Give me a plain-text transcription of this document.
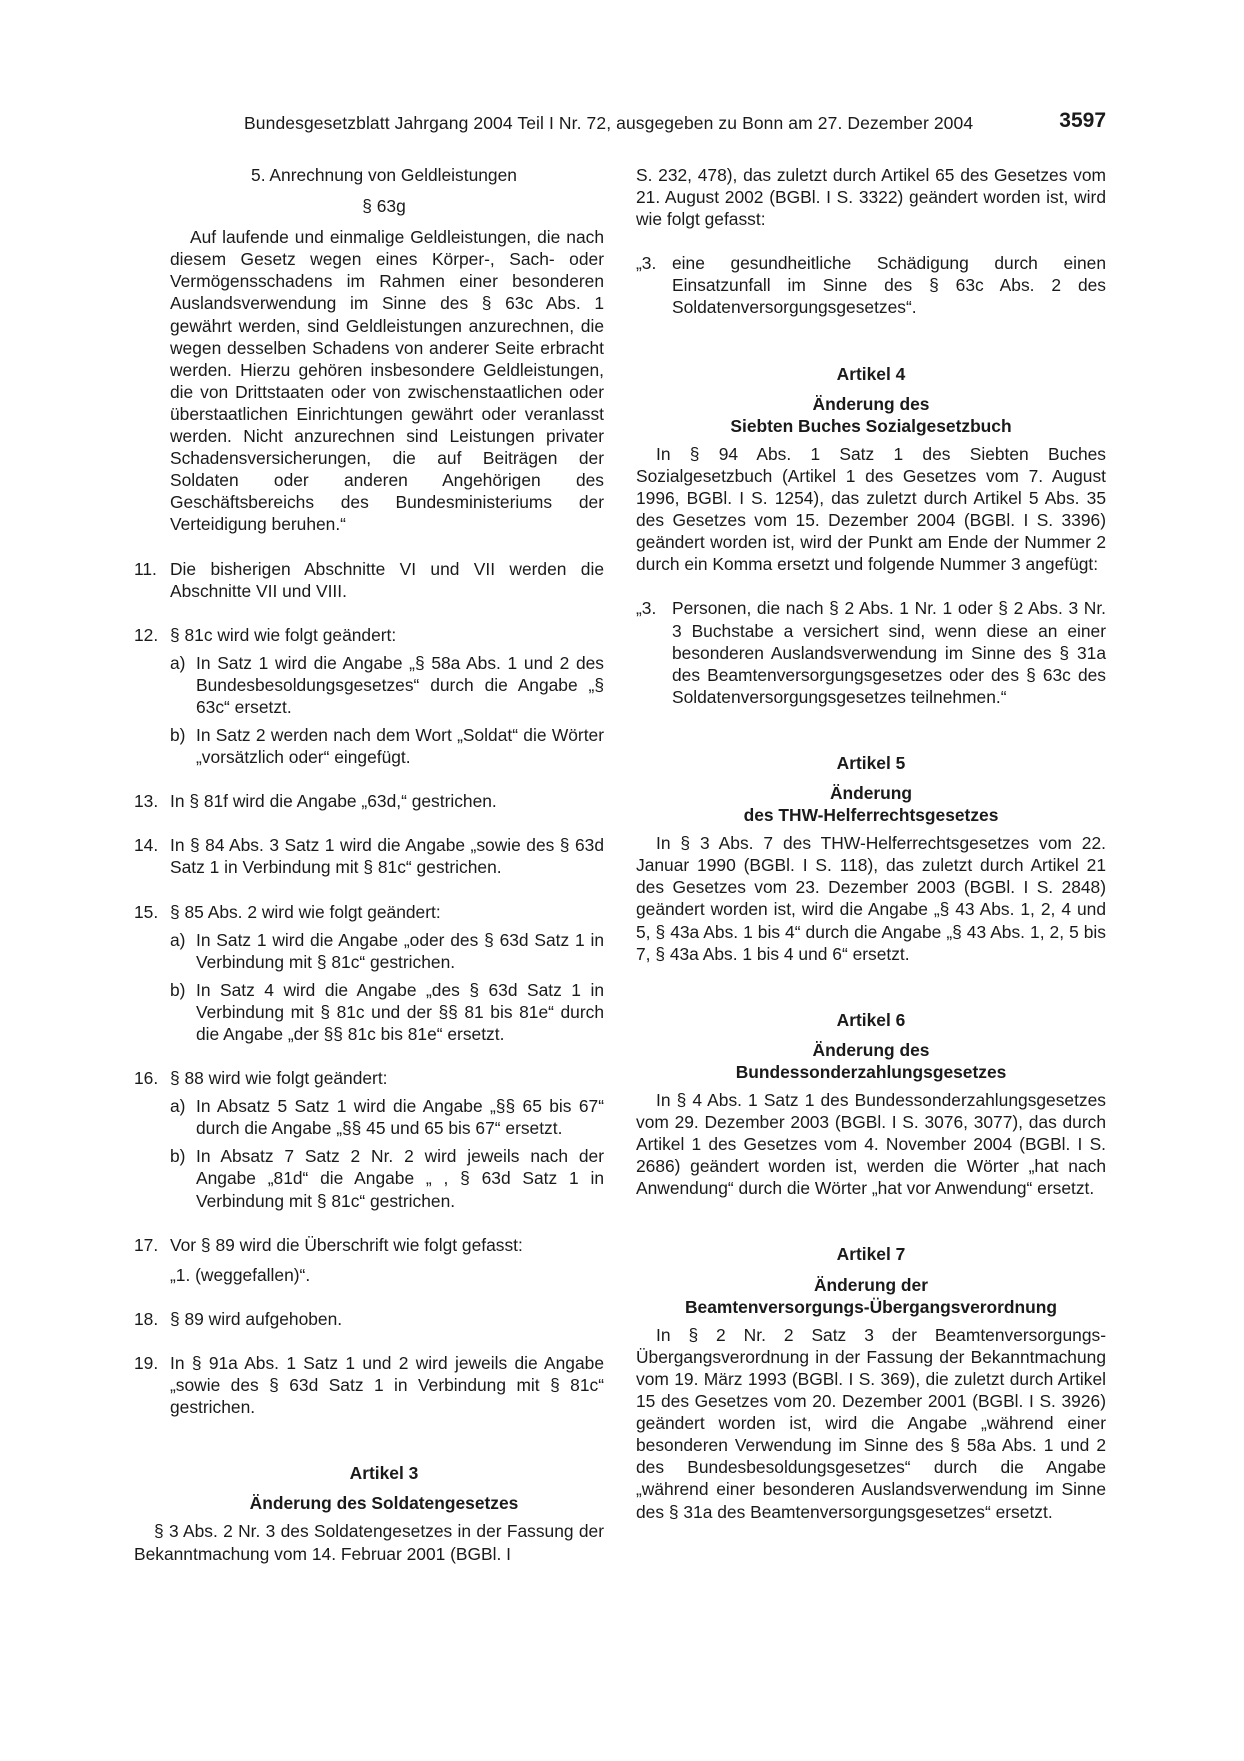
Bundesgesetzblatt Jahrgang 2004 Teil I Nr. 72, ausgegeben zu Bonn am 27. Dezember 2004	3597

5. Anrechnung von Geldleistungen

§ 63g

Auf laufende und einmalige Geldleistungen, die nach diesem Gesetz wegen eines Körper-, Sach- oder Vermögensschadens im Rahmen einer besonderen Auslandsverwendung im Sinne des § 63c Abs. 1 gewährt werden, sind Geldleistungen anzurechnen, die wegen desselben Schadens von anderer Seite erbracht werden. Hierzu gehören insbesondere Geldleistungen, die von Drittstaaten oder von zwischenstaatlichen oder überstaatlichen Einrichtungen gewährt oder veranlasst werden. Nicht anzurechnen sind Leistungen privater Schadensversicherungen, die auf Beiträgen der Soldaten oder anderen Angehörigen des Geschäftsbereichs des Bundesministeriums der Verteidigung beruhen.“

11. Die bisherigen Abschnitte VI und VII werden die Abschnitte VII und VIII.
12. § 81c wird wie folgt geändert:
a) In Satz 1 wird die Angabe „§ 58a Abs. 1 und 2 des Bundesbesoldungsgesetzes“ durch die Angabe „§ 63c“ ersetzt.
b) In Satz 2 werden nach dem Wort „Soldat“ die Wörter „vorsätzlich oder“ eingefügt.
13. In § 81f wird die Angabe „63d,“ gestrichen.
14. In § 84 Abs. 3 Satz 1 wird die Angabe „sowie des § 63d Satz 1 in Verbindung mit § 81c“ gestrichen.
15. § 85 Abs. 2 wird wie folgt geändert:
a) In Satz 1 wird die Angabe „oder des § 63d Satz 1 in Verbindung mit § 81c“ gestrichen.
b) In Satz 4 wird die Angabe „des § 63d Satz 1 in Verbindung mit § 81c und der §§ 81 bis 81e“ durch die Angabe „der §§ 81c bis 81e“ ersetzt.
16. § 88 wird wie folgt geändert:
a) In Absatz 5 Satz 1 wird die Angabe „§§ 65 bis 67“ durch die Angabe „§§ 45 und 65 bis 67“ ersetzt.
b) In Absatz 7 Satz 2 Nr. 2 wird jeweils nach der Angabe „81d“ die Angabe „ , § 63d Satz 1 in Verbindung mit § 81c“ gestrichen.
17. Vor § 89 wird die Überschrift wie folgt gefasst:

„1. (weggefallen)“.

18. § 89 wird aufgehoben.
19. In § 91a Abs. 1 Satz 1 und 2 wird jeweils die Angabe „sowie des § 63d Satz 1 in Verbindung mit § 81c“ gestrichen.

Artikel 3

Änderung des Soldatengesetzes

§ 3 Abs. 2 Nr. 3 des Soldatengesetzes in der Fassung der Bekanntmachung vom 14. Februar 2001 (BGBl. I

S. 232, 478), das zuletzt durch Artikel 65 des Gesetzes vom 21. August 2002 (BGBl. I S. 3322) geändert worden ist, wird wie folgt gefasst:

„3. eine gesundheitliche Schädigung durch einen Einsatzunfall im Sinne des § 63c Abs. 2 des Soldatenversorgungsgesetzes“.

Artikel 4

Änderung des

Siebten Buches Sozialgesetzbuch

In § 94 Abs. 1 Satz 1 des Siebten Buches Sozialgesetzbuch (Artikel 1 des Gesetzes vom 7. August 1996, BGBl. I S. 1254), das zuletzt durch Artikel 5 Abs. 35 des Gesetzes vom 15. Dezember 2004 (BGBl. I S. 3396) geändert worden ist, wird der Punkt am Ende der Nummer 2 durch ein Komma ersetzt und folgende Nummer 3 angefügt:

„3. Personen, die nach § 2 Abs. 1 Nr. 1 oder § 2 Abs. 3 Nr. 3 Buchstabe a versichert sind, wenn diese an einer besonderen Auslandsverwendung im Sinne des § 31a des Beamtenversorgungsgesetzes oder des § 63c des Soldatenversorgungsgesetzes teilnehmen.“

Artikel 5

Änderung

des THW-Helferrechtsgesetzes

In § 3 Abs. 7 des THW-Helferrechtsgesetzes vom 22. Januar 1990 (BGBl. I S. 118), das zuletzt durch Artikel 21 des Gesetzes vom 23. Dezember 2003 (BGBl. I S. 2848) geändert worden ist, wird die Angabe „§ 43 Abs. 1, 2, 4 und 5, § 43a Abs. 1 bis 4“ durch die Angabe „§ 43 Abs. 1, 2, 5 bis 7, § 43a Abs. 1 bis 4 und 6“ ersetzt.

Artikel 6

Änderung des

Bundessonderzahlungsgesetzes

In § 4 Abs. 1 Satz 1 des Bundessonderzahlungsgesetzes vom 29. Dezember 2003 (BGBl. I S. 3076, 3077), das durch Artikel 1 des Gesetzes vom 4. November 2004 (BGBl. I S. 2686) geändert worden ist, werden die Wörter „hat nach Anwendung“ durch die Wörter „hat vor Anwendung“ ersetzt.

Artikel 7

Änderung der

Beamtenversorgungs-Übergangsverordnung

In § 2 Nr. 2 Satz 3 der Beamtenversorgungs-Übergangsverordnung in der Fassung der Bekanntmachung vom 19. März 1993 (BGBl. I S. 369), die zuletzt durch Artikel 15 des Gesetzes vom 20. Dezember 2001 (BGBl. I S. 3926) geändert worden ist, wird die Angabe „während einer besonderen Verwendung im Sinne des § 58a Abs. 1 und 2 des Bundesbesoldungsgesetzes“ durch die Angabe „während einer besonderen Auslandsverwendung im Sinne des § 31a des Beamtenversorgungsgesetzes“ ersetzt.
